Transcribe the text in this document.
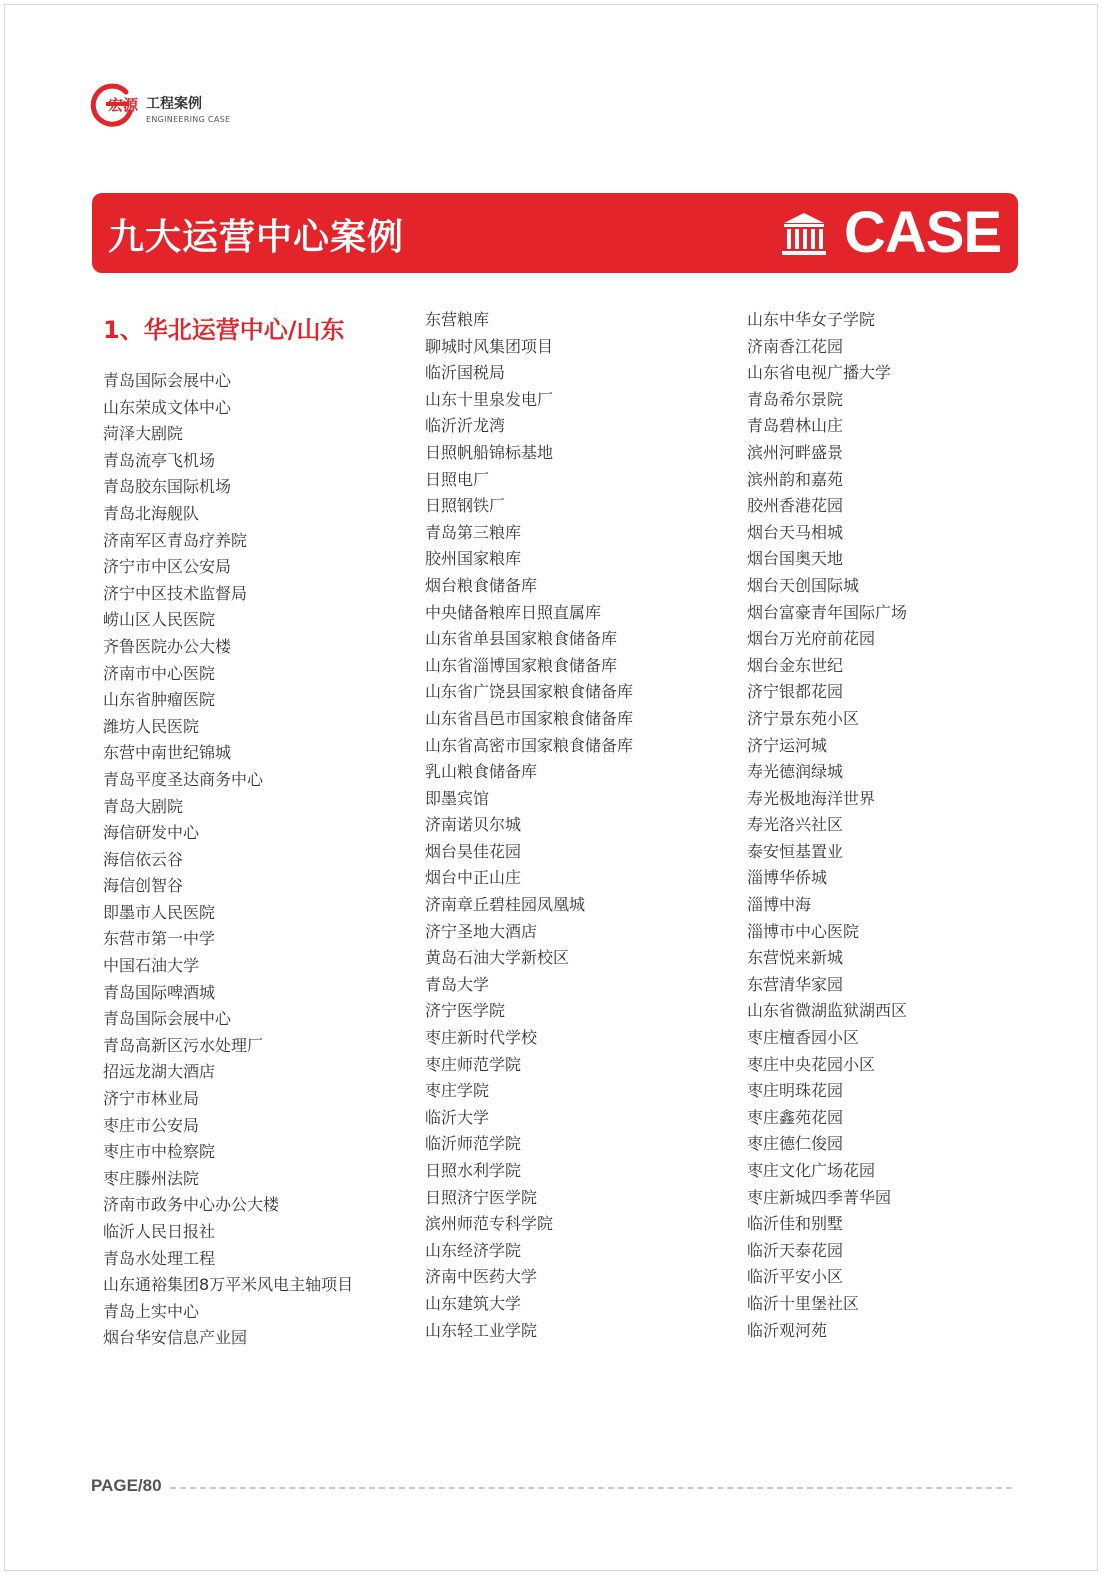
宏源 工程案例
ENGINEERING CASE
九大运营中心案例	CASE
1、华北运营中心/山东
青岛国际会展中心
山东荣成文体中心
菏泽大剧院
青岛流亭飞机场
青岛胶东国际机场
青岛北海舰队
济南军区青岛疗养院
济宁市中区公安局
济宁中区技术监督局
崂山区人民医院
齐鲁医院办公大楼
济南市中心医院
山东省肿瘤医院
潍坊人民医院
东营中南世纪锦城
青岛平度圣达商务中心
青岛大剧院
海信研发中心
海信依云谷
海信创智谷
即墨市人民医院
东营市第一中学
中国石油大学
青岛国际啤酒城
青岛国际会展中心
青岛高新区污水处理厂
招远龙湖大酒店
济宁市林业局
枣庄市公安局
枣庄市中检察院
枣庄滕州法院
济南市政务中心办公大楼
临沂人民日报社
青岛水处理工程
山东通裕集团8万平米风电主轴项目
青岛上实中心
烟台华安信息产业园
东营粮库
聊城时风集团项目
临沂国税局
山东十里泉发电厂
临沂沂龙湾
日照帆船锦标基地
日照电厂
日照钢铁厂
青岛第三粮库
胶州国家粮库
烟台粮食储备库
中央储备粮库日照直属库
山东省单县国家粮食储备库
山东省淄博国家粮食储备库
山东省广饶县国家粮食储备库
山东省昌邑市国家粮食储备库
山东省高密市国家粮食储备库
乳山粮食储备库
即墨宾馆
济南诺贝尔城
烟台昊佳花园
烟台中正山庄
济南章丘碧桂园凤凰城
济宁圣地大酒店
黄岛石油大学新校区
青岛大学
济宁医学院
枣庄新时代学校
枣庄师范学院
枣庄学院
临沂大学
临沂师范学院
日照水利学院
日照济宁医学院
滨州师范专科学院
山东经济学院
济南中医药大学
山东建筑大学
山东轻工业学院
山东中华女子学院
济南香江花园
山东省电视广播大学
青岛希尔景院
青岛碧林山庄
滨州河畔盛景
滨州韵和嘉苑
胶州香港花园
烟台天马相城
烟台国奥天地
烟台天创国际城
烟台富豪青年国际广场
烟台万光府前花园
烟台金东世纪
济宁银都花园
济宁景东苑小区
济宁运河城
寿光德润绿城
寿光极地海洋世界
寿光洛兴社区
泰安恒基置业
淄博华侨城
淄博中海
淄博市中心医院
东营悦来新城
东营清华家园
山东省微湖监狱湖西区
枣庄檀香园小区
枣庄中央花园小区
枣庄明珠花园
枣庄鑫苑花园
枣庄德仁俊园
枣庄文化广场花园
枣庄新城四季菁华园
临沂佳和别墅
临沂天泰花园
临沂平安小区
临沂十里堡社区
临沂观河苑
PAGE/80
